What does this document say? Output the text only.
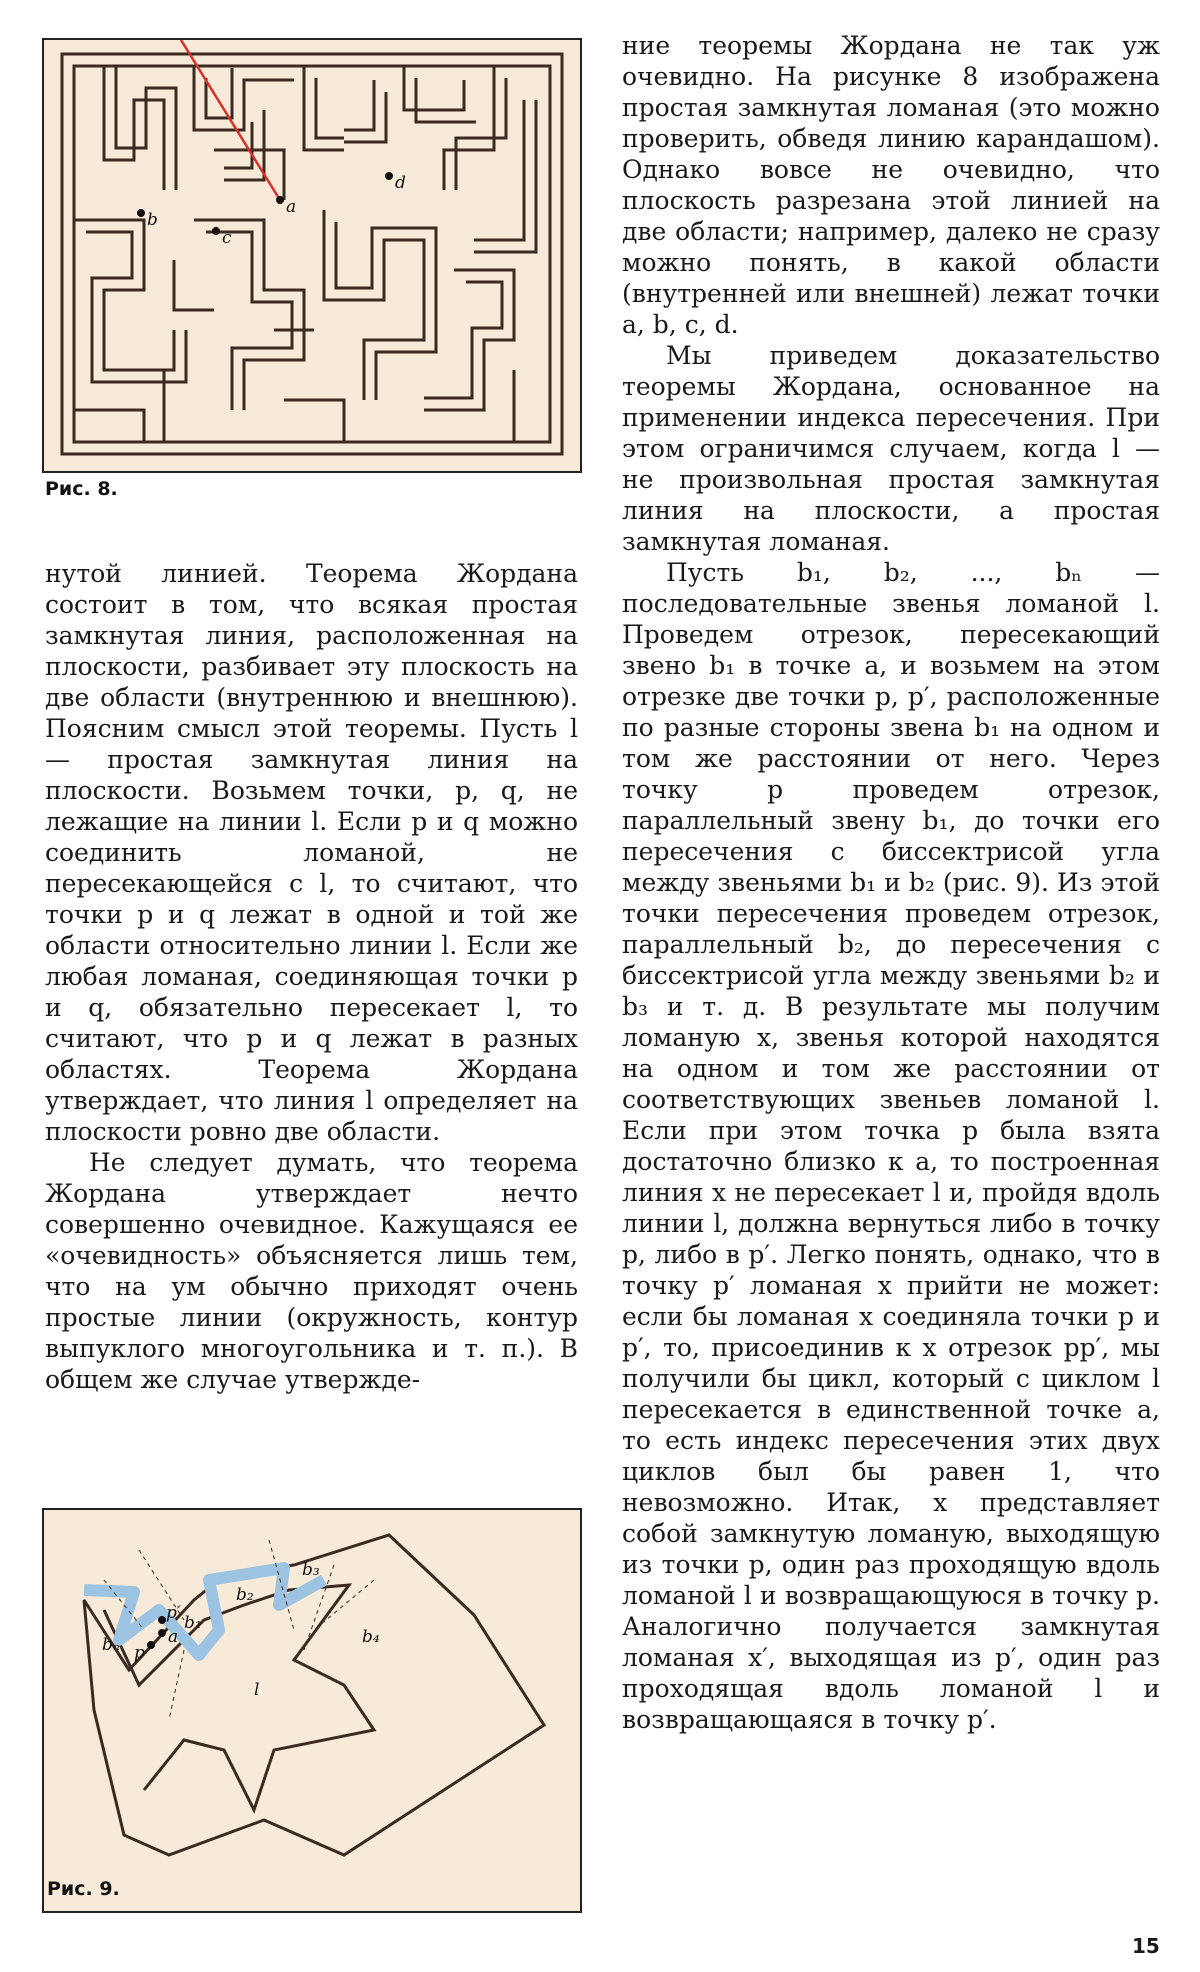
a
b
c
d
Рис. 8.

нутой линией. Теорема Жордана состоит в том, что всякая простая замкнутая линия, расположенная на плоскости, разбивает эту плоскость на две области (внутреннюю и внешнюю). Поясним смысл этой теоремы. Пусть l — простая замкнутая линия на плоскости. Возьмем точки, p, q, не лежащие на линии l. Если p и q можно соединить ломаной, не пересекающейся с l, то считают, что точки p и q лежат в одной и той же области относительно линии l. Если же любая ломаная, соединяющая точки p и q, обязательно пересекает l, то считают, что p и q лежат в разных областях. Теорема Жордана утверждает, что линия l определяет на плоскости ровно две области.

Не следует думать, что теорема Жордана утверждает нечто совершенно очевидное. Кажущаяся ее «очевидность» объясняется лишь тем, что на ум обычно приходят очень простые линии (окружность, контур выпуклого многоугольника и т. п.). В общем же случае утвержде-

ние теоремы Жордана не так уж очевидно. На рисунке 8 изображена простая замкнутая ломаная (это можно проверить, обведя линию карандашом). Однако вовсе не очевидно, что плоскость разрезана этой линией на две области; например, далеко не сразу можно понять, в какой области (внутренней или внешней) лежат точки a, b, c, d.

Мы приведем доказательство теоремы Жордана, основанное на применении индекса пересечения. При этом ограничимся случаем, когда l — не произвольная простая замкнутая линия на плоскости, а простая замкнутая ломаная.

Пусть b₁, b₂, ..., bₙ — последовательные звенья ломаной l. Проведем отрезок, пересекающий звено b₁ в точке a, и возьмем на этом отрезке две точки p, p′, расположенные по разные стороны звена b₁ на одном и том же расстоянии от него. Через точку p проведем отрезок, параллельный звену b₁, до точки его пересечения с биссектрисой угла между звеньями b₁ и b₂ (рис. 9). Из этой точки пересечения проведем отрезок, параллельный b₂, до пересечения с биссектрисой угла между звеньями b₂ и b₃ и т. д. В результате мы получим ломаную x, звенья которой находятся на одном и том же расстоянии от соответствующих звеньев ломаной l. Если при этом точка p была взята достаточно близко к a, то построенная линия x не пересекает l и, пройдя вдоль линии l, должна вернуться либо в точку p, либо в p′. Легко понять, однако, что в точку p′ ломаная x прийти не может: если бы ломаная x соединяла точки p и p′, то, присоединив к x отрезок pp′, мы получили бы цикл, который с циклом l пересекается в единственной точке a, то есть индекс пересечения этих двух циклов был бы равен 1, что невозможно. Итак, x представляет собой замкнутую ломаную, выходящую из точки p, один раз проходящую вдоль ломаной l и возвращающуюся в точку p. Аналогично получается замкнутая ломаная x′, выходящая из p′, один раз проходящая вдоль ломаной l и возвращающаяся в точку p′.

b₁
b₂
b₃
b₄
bₙ
p′
a
p
l
Рис. 9.
15
